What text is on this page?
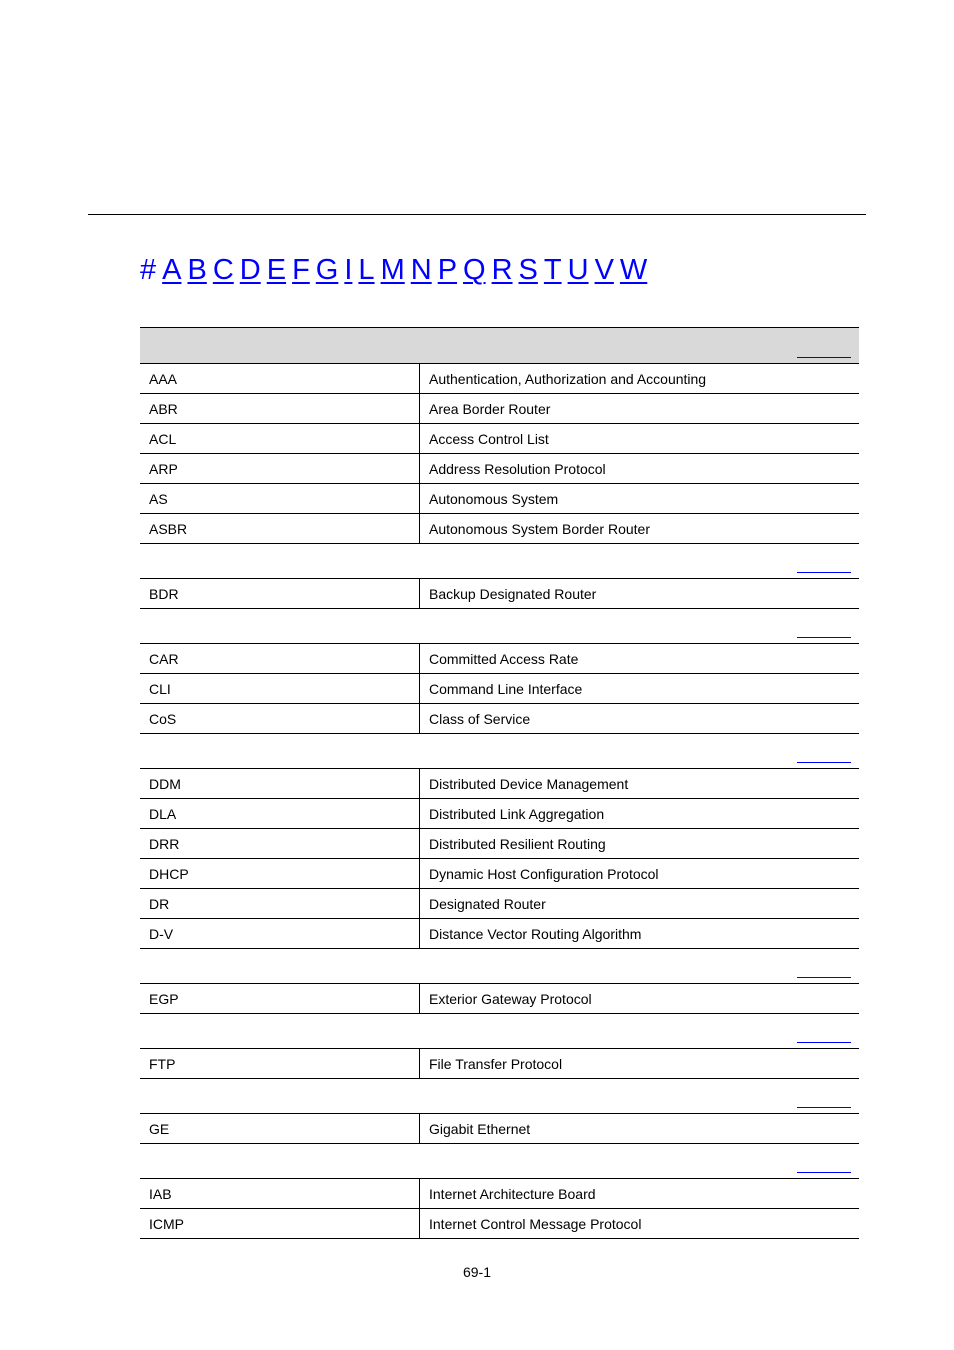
# A B C D E F G I L M N P Q R S T U V W

AAA	Authentication, Authorization and Accounting
ABR	Area Border Router
ACL	Access Control List
ARP	Address Resolution Protocol
AS	Autonomous System
ASBR	Autonomous System Border Router

BDR	Backup Designated Router

CAR	Committed Access Rate
CLI	Command Line Interface
CoS	Class of Service

DDM	Distributed Device Management
DLA	Distributed Link Aggregation
DRR	Distributed Resilient Routing
DHCP	Dynamic Host Configuration Protocol
DR	Designated Router
D-V	Distance Vector Routing Algorithm

EGP	Exterior Gateway Protocol

FTP	File Transfer Protocol

GE	Gigabit Ethernet

IAB	Internet Architecture Board
ICMP	Internet Control Message Protocol
69-1
